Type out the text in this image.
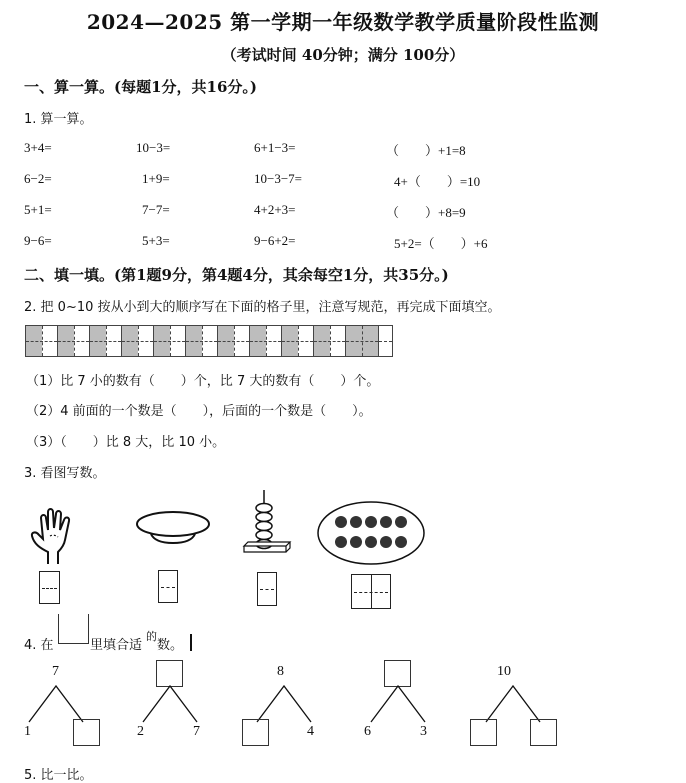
2024—2025 第一学期一年级数学教学质量阶段性监测
（考试时间 40分钟；满分 100分）
一、算一算。(每题1分，共16分。)
1. 算一算。
3+4=	10−3=	6+1−3=	（　　）+1=8
6−2=	1+9=	10−3−7=	4+（　　）=10
5+1=	7−7=	4+2+3=	（　　）+8=9
9−6=	5+3=	9−6+2=	5+2=（　　）+6
二、填一填。(第1题9分，第4题4分，其余每空1分，共35分。)
2. 把 0~10 按从小到大的顺序写在下面的格子里，注意写规范，再完成下面填空。
（1）比 7 小的数有（　　）个，比 7 大的数有（　　）个。
（2）4 前面的一个数是（　　），后面的一个数是（　　）。
（3）（　　）比 8 大，比 10 小。
3. 看图写数。
4. 在	里填合适
的
数。
7
1	2	7
8
4	6	3
10
5. 比一比。
